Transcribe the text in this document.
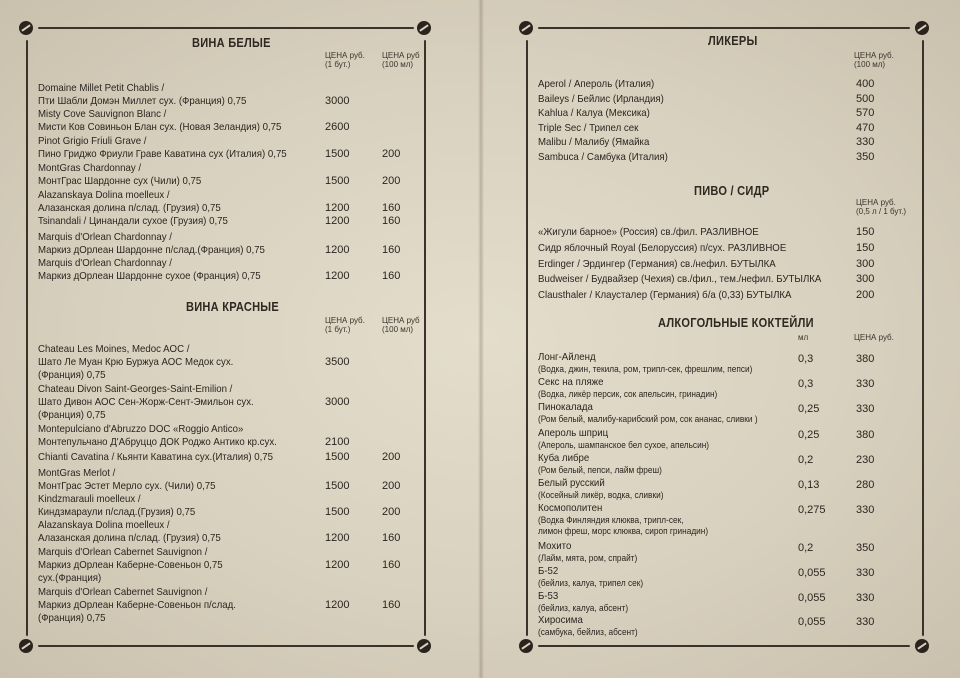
ВИНА БЕЛЫЕ
ЦЕНА руб.
(1 бут.)
ЦЕНА руб
(100 мл)
Domaine Millet Petit Chablis /
Пти Шабли Домэн Миллет сух. (Франция) 0,75	3000
Misty Cove Sauvignon Blanc /
Мисти Ков Совиньон Блан сух. (Новая Зеландия) 0,75	2600
Pinot Grigio Friuli Grave /
Пино Гриджо Фриули Граве Каватина сух (Италия) 0,75	1500	200
MontGras Chardonnay /
МонтГрас Шардонне сух (Чили) 0,75	1500	200
Alazanskaya Dolina moelleux /
Алазанская долина п/слад. (Грузия) 0,75	1200	160
Tsinandali / Цинандали сухое (Грузия) 0,75	1200	160
Marquis d'Orlean Chardonnay /
Маркиз дОрлеан Шардонне п/слад.(Франция) 0,75	1200	160
Marquis d'Orlean Chardonnay /
Маркиз дОрлеан Шардонне сухое (Франция) 0,75	1200	160
ВИНА КРАСНЫЕ
ЦЕНА руб.
(1 бут.)
ЦЕНА руб
(100 мл)
Chateau Les Moines, Medoc AOC /
Шато Ле Муан Крю Буржуа АОС Медок сух.
(Франция) 0,75
3500
Chateau Divon Saint-Georges-Saint-Emilion /
Шато Дивон АОС Сен-Жорж-Сент-Эмильон сух.
(Франция) 0,75
3000
Montepulciano d'Abruzzo DOC «Roggio Antico»
Монтепульчано Д'Абруццо ДОК Роджо Антико кр.сух.	2100
Chianti Cavatina / Кьянти Каватина сух.(Италия) 0,75	1500	200
MontGras Merlot /
МонтГрас Эстет Мерло сух. (Чили) 0,75	1500	200
Kindzmarauli moelleux /
Киндзмараули п/слад.(Грузия) 0,75	1500	200
Alazanskaya Dolina moelleux /
Алазанская долина п/слад. (Грузия) 0,75	1200	160
Marquis d'Orlean Cabernet Sauvignon /
Маркиз дОрлеан Каберне-Совеньон 0,75
сух.(Франция)
1200	160
Marquis d'Orlean Cabernet Sauvignon /
Маркиз дОрлеан Каберне-Совеньон п/слад.
(Франция) 0,75
1200	160
ЛИКЕРЫ
ЦЕНА руб.
(100 мл)
Aperol / Апероль (Италия)	400
Baileys / Бейлис (Ирландия)	500
Kahlua / Калуа (Мексика)	570
Triple Sec / Трипел сек	470
Malibu / Малибу (Ямайка	330
Sambuca / Самбука (Италия)	350
ПИВО / СИДР
ЦЕНА руб.
(0,5 л / 1 бут.)
«Жигули барное» (Россия) св./фил. РАЗЛИВНОЕ	150
Сидр яблочный Royal (Белоруссия) п/сух. РАЗЛИВНОЕ	150
Erdinger / Эрдингер (Германия) св./нефил. БУТЫЛКА	300
Budweiser / Будвайзер (Чехия) св./фил., тем./нефил. БУТЫЛКА	300
Clausthaler / Клаусталер (Германия) б/а (0,33) БУТЫЛКА	200
АЛКОГОЛЬНЫЕ КОКТЕЙЛИ
мл	ЦЕНА руб.
Лонг-Айленд
(Водка, джин, текила, ром, трипл-сек, фрешлим, пепси)
0,3	380
Секс на пляже
(Водка, ликёр персик, сок апельсин, гринадин)
0,3	330
Пинокалада
(Ром белый, малибу-карибский ром, сок ананас, сливки )
0,25	330
Апероль шприц
(Апероль, шампанское бел сухое, апельсин)
0,25	380
Куба либре
(Ром белый, пепси, лайм фреш)
0,2	230
Белый русский
(Косейный ликёр, водка, сливки)
0,13	280
Космополитен
(Водка Финляндия клюква, трипл-сек,
лимон фреш, морс клюква, сироп гринадин)
0,275	330
Мохито
(Лайм, мята, ром, спрайт)
0,2	350
Б-52
(бейлиз, калуа, трипел сек)
0,055	330
Б-53
(бейлиз, калуа, абсент)
0,055	330
Хиросима
(самбука, бейлиз, абсент)
0,055	330
